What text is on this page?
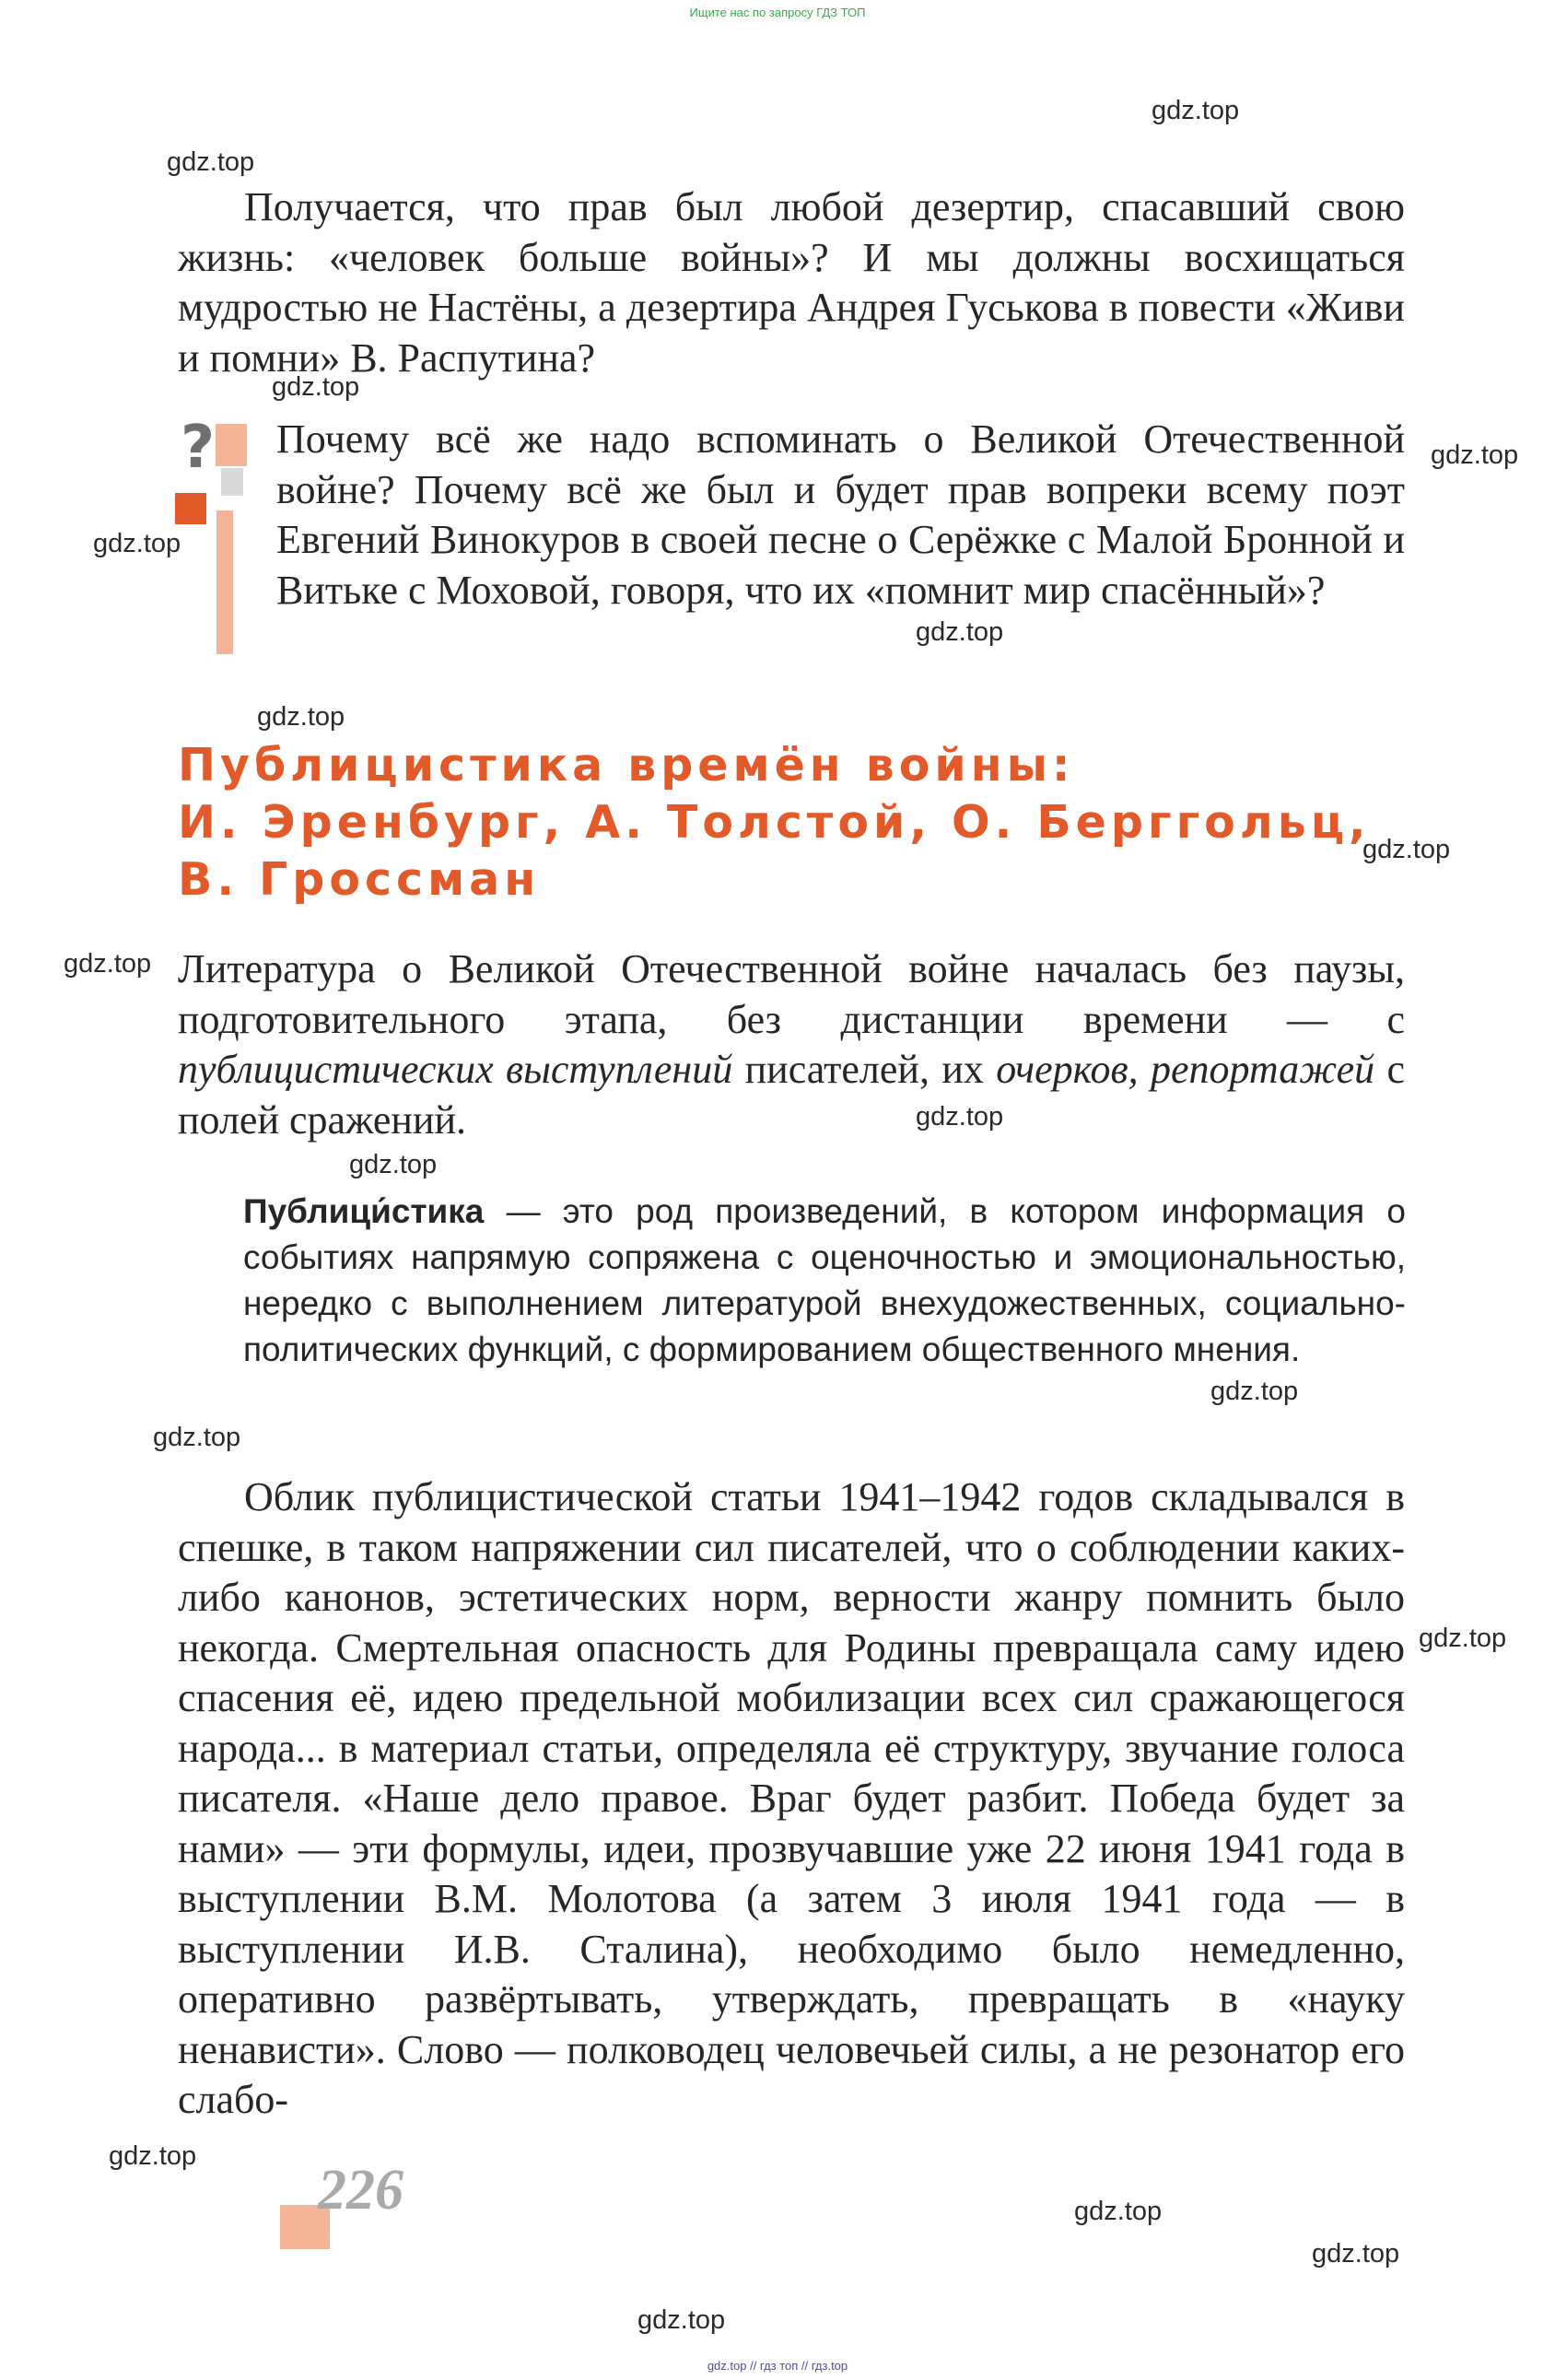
Ищите нас по запросу ГДЗ ТОП
gdz.top
gdz.top
gdz.top
gdz.top
gdz.top
gdz.top
gdz.top
gdz.top
gdz.top
gdz.top
gdz.top
gdz.top
gdz.top
gdz.top
gdz.top
gdz.top
gdz.top
gdz.top

Получается, что прав был любой дезертир, спасавший свою жизнь: «человек больше войны»? И мы должны восхищаться мудростью не Настёны, а дезертира Андрея Гуськова в повести «Живи и помни» В. Распутина?

? Почему всё же надо вспоминать о Великой Отечественной войне? Почему всё же был и будет прав вопреки всему поэт Евгений Винокуров в своей песне о Серёжке с Малой Бронной и Витьке с Моховой, говоря, что их «помнит мир спасённый»?

Публицистика времён войны:
И. Эренбург, А. Толстой, О. Берггольц,
В. Гроссман

Литература о Великой Отечественной войне началась без паузы, подготовительного этапа, без дистанции времени — с публицистических выступлений писателей, их очерков, репортажей с полей сражений.

Публици́стика — это род произведений, в котором информация о событиях напрямую сопряжена с оценочностью и эмоциональностью, нередко с выполнением литературой внехудожественных, социально-политических функций, с формированием общественного мнения.

Облик публицистической статьи 1941–1942 годов складывался в спешке, в таком напряжении сил писателей, что о соблюдении каких-либо канонов, эстетических норм, верности жанру помнить было некогда. Смертельная опасность для Родины превращала саму идею спасения её, идею предельной мобилизации всех сил сражающегося народа... в материал статьи, определяла её структуру, звучание голоса писателя. «Наше дело правое. Враг будет разбит. Победа будет за нами» — эти формулы, идеи, прозвучавшие уже 22 июня 1941 года в выступлении В.М. Молотова (а затем 3 июля 1941 года — в выступлении И.В. Сталина), необходимо было немедленно, оперативно развёртывать, утверждать, превращать в «науку ненависти». Слово — полководец человечьей силы, а не резонатор его слабо-

226
gdz.top // гдз топ // гдз.top
